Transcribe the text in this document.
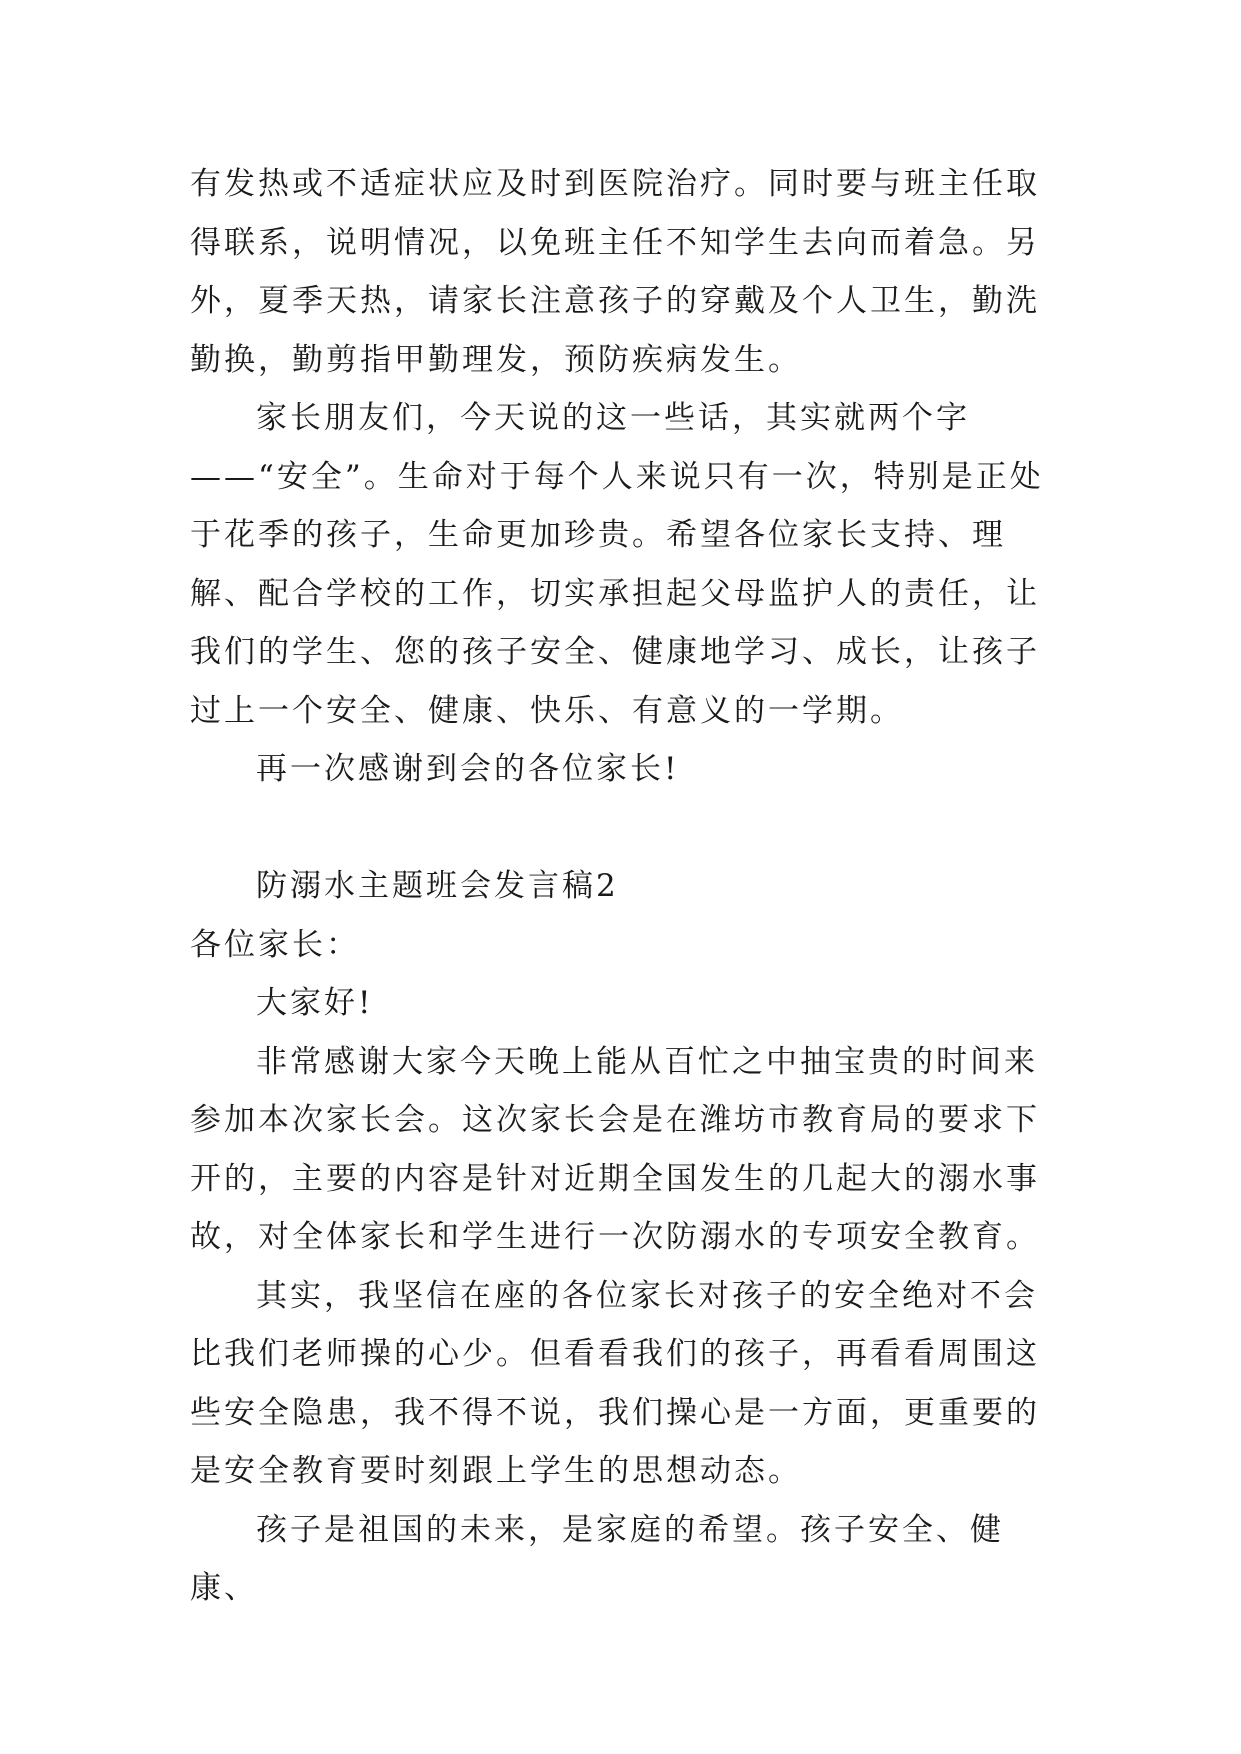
有发热或不适症状应及时到医院治疗。同时要与班主任取得联系，说明情况，以免班主任不知学生去向而着急。另外，夏季天热，请家长注意孩子的穿戴及个人卫生，勤洗勤换，勤剪指甲勤理发，预防疾病发生。

家长朋友们，今天说的这一些话，其实就两个字——“安全”。生命对于每个人来说只有一次，特别是正处于花季的孩子，生命更加珍贵。希望各位家长支持、理解、配合学校的工作，切实承担起父母监护人的责任，让我们的学生、您的孩子安全、健康地学习、成长，让孩子过上一个安全、健康、快乐、有意义的一学期。

再一次感谢到会的各位家长!

防溺水主题班会发言稿2

各位家长：

大家好!

非常感谢大家今天晚上能从百忙之中抽宝贵的时间来参加本次家长会。这次家长会是在潍坊市教育局的要求下开的，主要的内容是针对近期全国发生的几起大的溺水事故，对全体家长和学生进行一次防溺水的专项安全教育。

其实，我坚信在座的各位家长对孩子的安全绝对不会比我们老师操的心少。但看看我们的孩子，再看看周围这些安全隐患，我不得不说，我们操心是一方面，更重要的是安全教育要时刻跟上学生的思想动态。

孩子是祖国的未来，是家庭的希望。孩子安全、健康、
